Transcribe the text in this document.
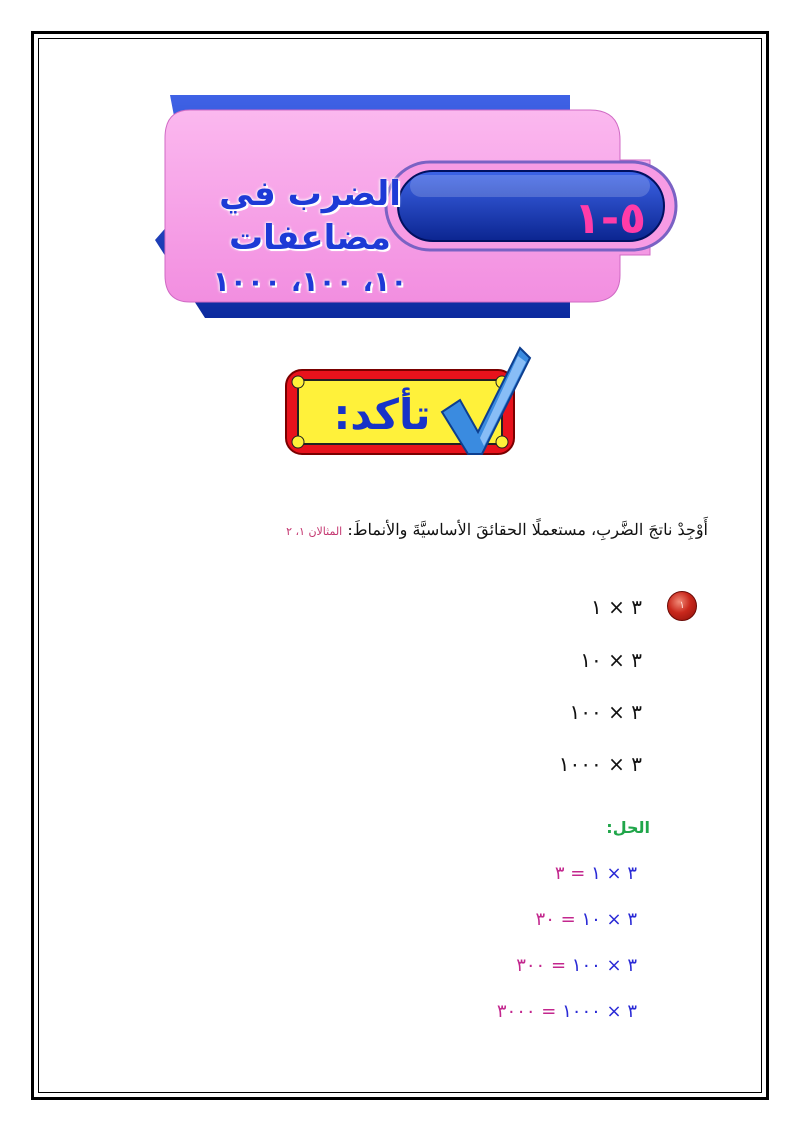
الضرب في مضاعفات
١٠، ١٠٠، ١٠٠٠
٥-١
تأكد:
أَوْجِدْ ناتجَ الضَّربِ، مستعملًا الحقائقَ الأساسيَّةَ والأنماطَ: المثالان ١، ٢
١
٣ × ١
٣ × ١٠
٣ × ١٠٠
٣ × ١٠٠٠
الحل:
٣ × ١ = ٣
٣ × ١٠ = ٣٠
٣ × ١٠٠ = ٣٠٠
٣ × ١٠٠٠ = ٣٠٠٠
